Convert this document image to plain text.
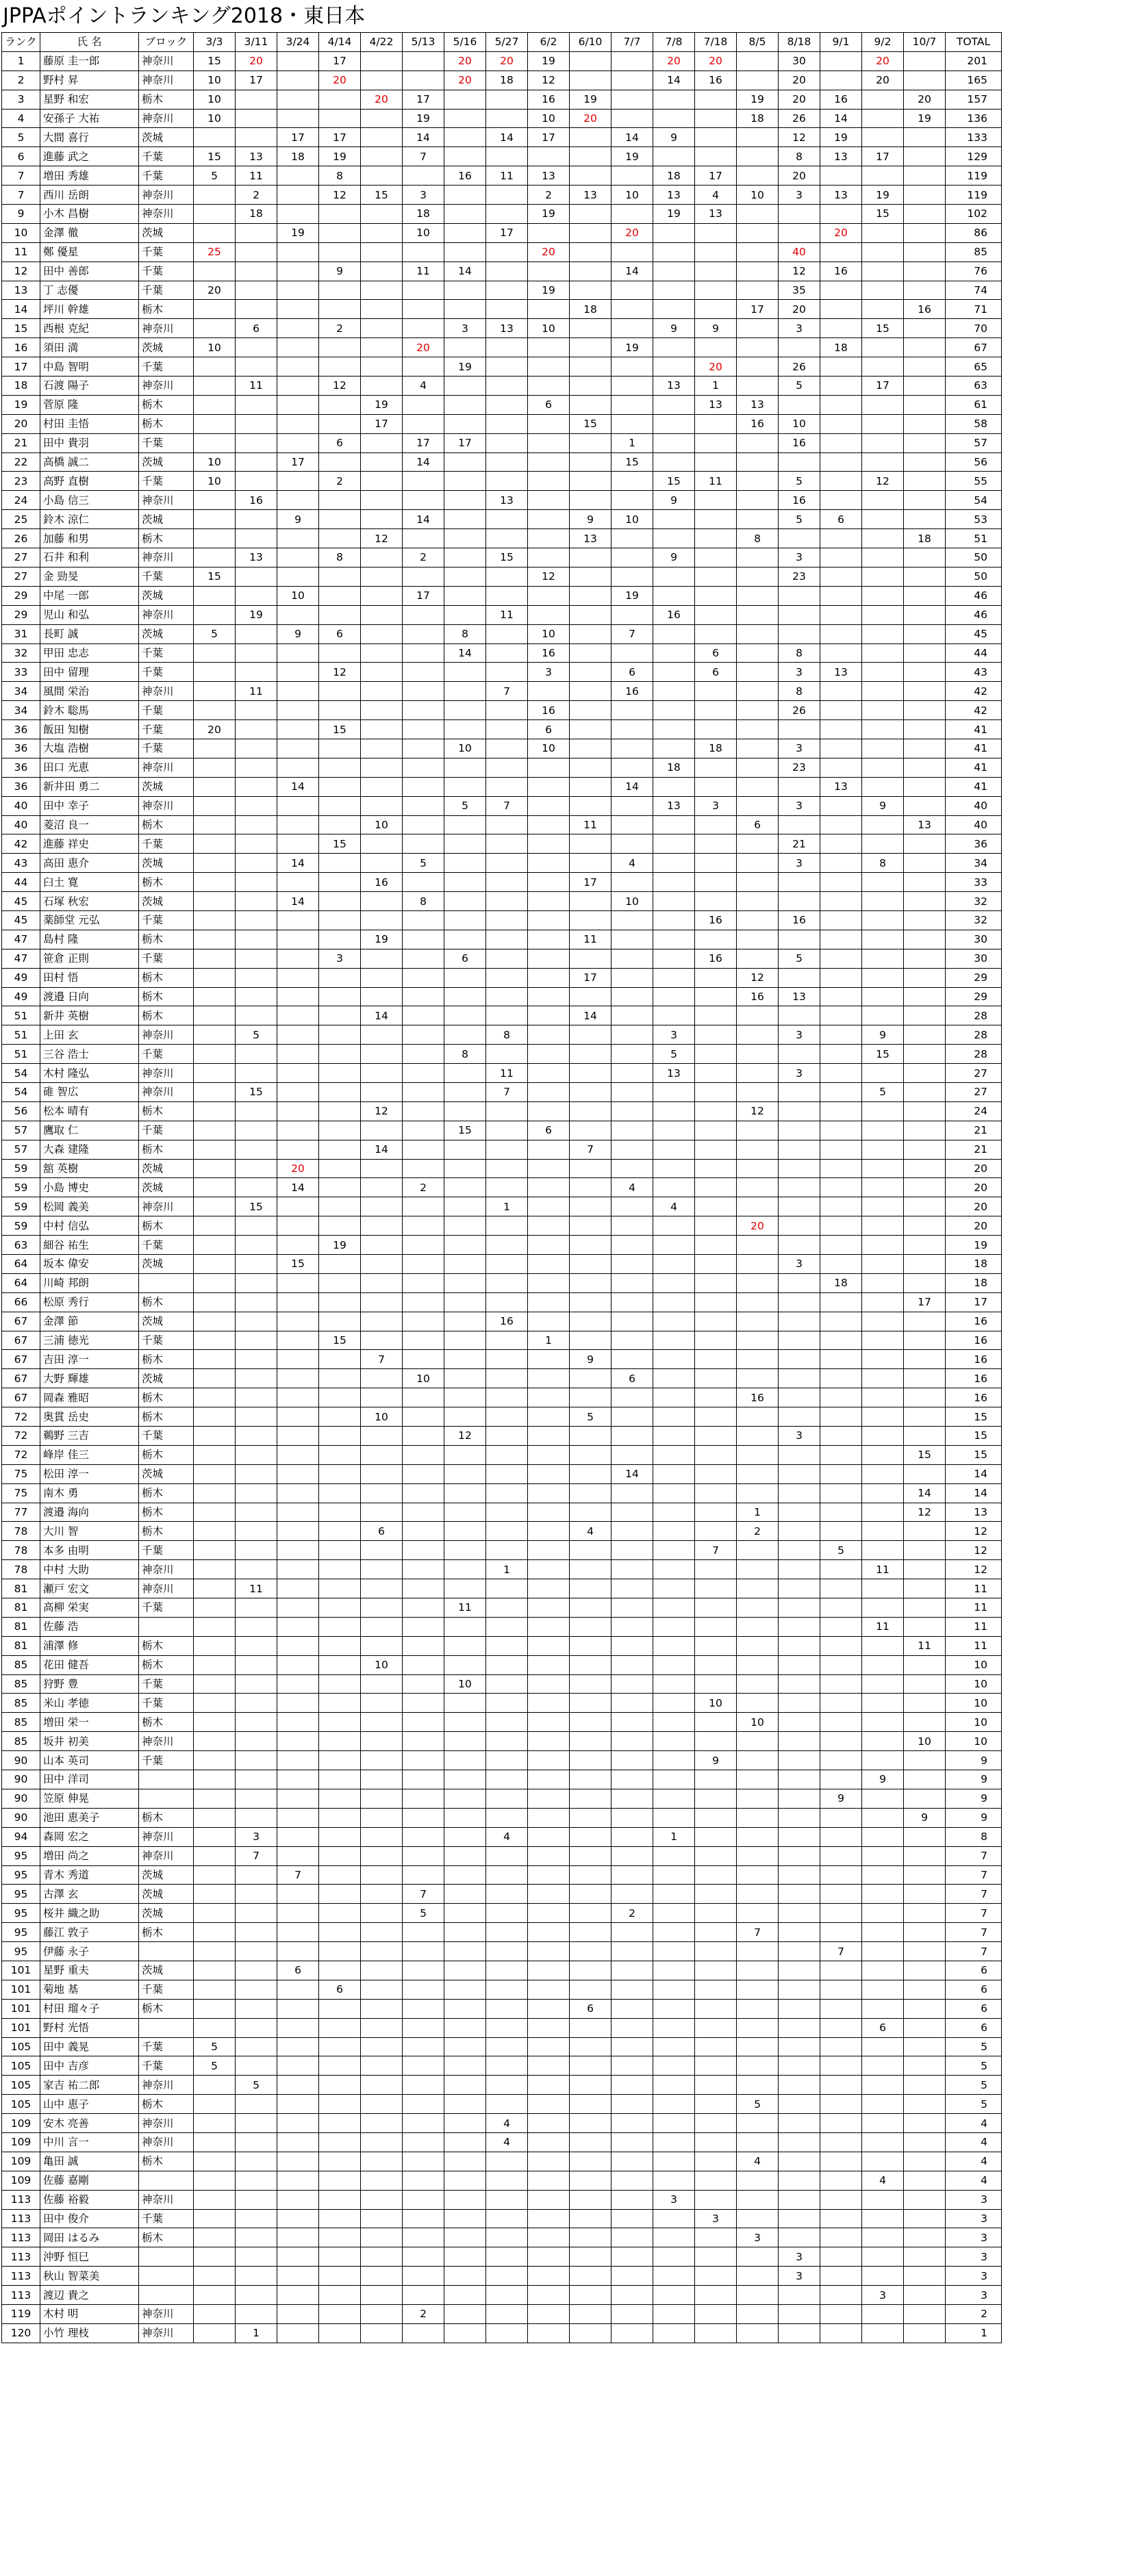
JPPAポイントランキング2018・東日本
ランク	氏 名	ブロック	3/3	3/11	3/24	4/14	4/22	5/13	5/16	5/27	6/2	6/10	7/7	7/8	7/18	8/5	8/18	9/1	9/2	10/7	TOTAL
1	藤原 圭一郎	神奈川	15	20		17			20	20	19			20	20		30		20		201
2	野村 昇	神奈川	10	17		20			20	18	12			14	16		20		20		165
3	星野 和宏	栃木	10				20	17			16	19				19	20	16		20	157
4	安孫子 大祐	神奈川	10					19			10	20				18	26	14		19	136
5	大間 喜行	茨城			17	17		14		14	17		14	9			12	19			133
6	進藤 武之	千葉	15	13	18	19		7					19				8	13	17		129
7	増田 秀雄	千葉	5	11		8			16	11	13			18	17		20				119
7	西川 岳朗	神奈川		2		12	15	3			2	13	10	13	4	10	3	13	19		119
9	小木 昌樹	神奈川		18				18			19			19	13				15		102
10	金澤 徹	茨城			19			10		17			20					20			86
11	鄭 優星	千葉	25								20						40				85
12	田中 善郎	千葉				9		11	14				14				12	16			76
13	丁 志優	千葉	20								19						35				74
14	坪川 幹雄	栃木										18				17	20			16	71
15	西根 克紀	神奈川		6		2			3	13	10			9	9		3		15		70
16	須田 満	茨城	10					20					19					18			67
17	中島 智明	千葉							19						20		26				65
18	石渡 陽子	神奈川		11		12		4						13	1		5		17		63
19	菅原 隆	栃木					19				6				13	13					61
20	村田 圭悟	栃木					17					15				16	10				58
21	田中 貴羽	千葉				6		17	17				1				16				57
22	高橋 誠二	茨城	10		17			14					15								56
23	高野 直樹	千葉	10			2								15	11		5		12		55
24	小島 信三	神奈川		16						13				9			16				54
25	鈴木 涼仁	茨城			9			14				9	10				5	6			53
26	加藤 和男	栃木					12					13				8				18	51
27	石井 和利	神奈川		13		8		2		15				9			3				50
27	金 勁旻	千葉	15								12						23				50
29	中尾 一郎	茨城			10			17					19								46
29	児山 和弘	神奈川		19						11				16							46
31	長町 誠	茨城	5		9	6			8		10		7								45
32	甲田 忠志	千葉							14		16				6		8				44
33	田中 留理	千葉				12					3		6		6		3	13			43
34	風間 栄治	神奈川		11						7			16				8				42
34	鈴木 聡馬	千葉									16						26				42
36	飯田 知樹	千葉	20			15					6										41
36	大塩 浩樹	千葉							10		10				18		3				41
36	田口 光恵	神奈川												18			23				41
36	新井田 勇二	茨城			14								14					13			41
40	田中 幸子	神奈川							5	7				13	3		3		9		40
40	菱沼 良一	栃木					10					11				6				13	40
42	進藤 祥史	千葉				15											21				36
43	高田 恵介	茨城			14			5					4				3		8		34
44	臼土 寛	栃木					16					17									33
45	石塚 秋宏	茨城			14			8					10								32
45	薬師堂 元弘	千葉													16		16				32
47	島村 隆	栃木					19					11									30
47	笹倉 正則	千葉				3			6						16		5				30
49	田村 悟	栃木										17				12					29
49	渡邉 日向	栃木														16	13				29
51	新井 英樹	栃木					14					14									28
51	上田 玄	神奈川		5						8				3			3		9		28
51	三谷 浩士	千葉							8					5					15		28
54	木村 隆弘	神奈川								11				13			3				27
54	碓 智広	神奈川		15						7									5		27
56	松本 晴有	栃木					12									12					24
57	鷹取 仁	千葉							15		6										21
57	大森 建隆	栃木					14					7									21
59	舘 英樹	茨城			20																20
59	小島 博史	茨城			14			2					4								20
59	松岡 義美	神奈川		15						1				4							20
59	中村 信弘	栃木														20					20
63	細谷 祐生	千葉				19															19
64	坂本 偉安	茨城			15												3				18
64	川崎 邦朗																	18			18
66	松原 秀行	栃木																		17	17
67	金澤 節	茨城								16											16
67	三浦 徳光	千葉				15					1										16
67	吉田 淳一	栃木					7					9									16
67	大野 輝雄	茨城						10					6								16
67	岡森 雅昭	栃木														16					16
72	奥貫 岳史	栃木					10					5									15
72	鵜野 三吉	千葉							12								3				15
72	峰岸 佳三	栃木																		15	15
75	松田 淳一	茨城											14								14
75	南木 勇	栃木																		14	14
77	渡邉 海向	栃木														1				12	13
78	大川 智	栃木					6					4				2					12
78	本多 由明	千葉													7			5			12
78	中村 大助	神奈川								1									11		12
81	瀬戸 宏文	神奈川		11																	11
81	高柳 栄実	千葉							11												11
81	佐藤 浩																		11		11
81	浦澤 修	栃木																		11	11
85	花田 健吾	栃木					10														10
85	狩野 豊	千葉							10												10
85	米山 孝徳	千葉													10						10
85	増田 栄一	栃木														10					10
85	坂井 初美	神奈川																		10	10
90	山本 英司	千葉													9						9
90	田中 洋司																		9		9
90	笠原 伸晃																	9			9
90	池田 恵美子	栃木																		9	9
94	森岡 宏之	神奈川		3						4				1							8
95	増田 尚之	神奈川		7																	7
95	青木 秀道	茨城			7																7
95	古澤 玄	茨城						7													7
95	桜井 織之助	茨城						5					2								7
95	藤江 敦子	栃木														7					7
95	伊藤 永子																	7			7
101	星野 重夫	茨城			6																6
101	菊地 基	千葉				6															6
101	村田 瑠々子	栃木										6									6
101	野村 光悟																		6		6
105	田中 義晃	千葉	5																		5
105	田中 吉彦	千葉	5																		5
105	家吉 祐二郎	神奈川		5																	5
105	山中 恵子	栃木														5					5
109	安木 亮善	神奈川								4											4
109	中川 言一	神奈川								4											4
109	亀田 誠	栃木														4					4
109	佐藤 嘉剛																		4		4
113	佐藤 裕毅	神奈川												3							3
113	田中 俊介	千葉													3						3
113	岡田 はるみ	栃木														3					3
113	沖野 恒巳																3				3
113	秋山 智菜美																3				3
113	渡辺 貴之																		3		3
119	木村 明	神奈川						2													2
120	小竹 理枝	神奈川		1																	1
